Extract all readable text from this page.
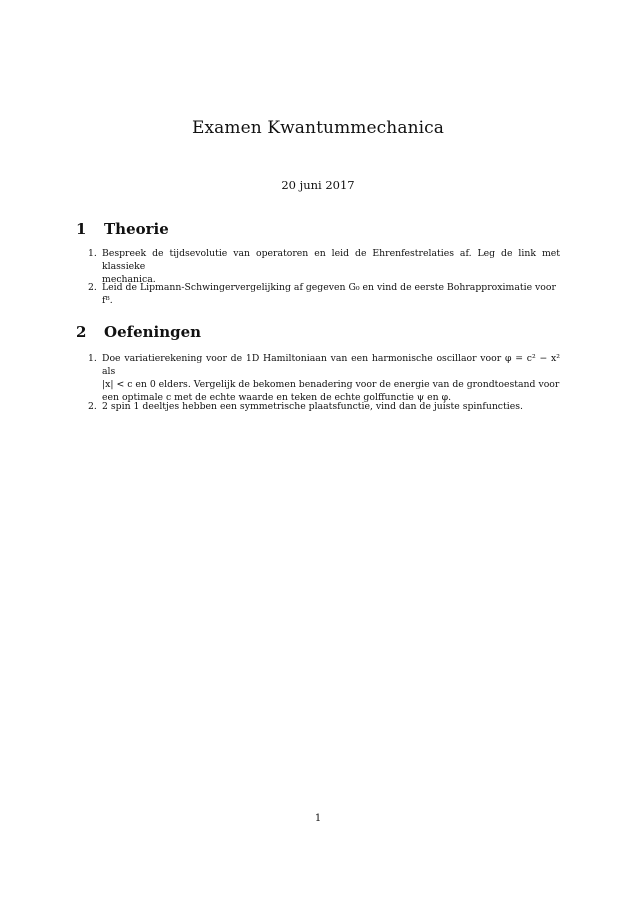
Examen Kwantummechanica

20 juni 2017

1 Theorie
1. Bespreek de tijdsevolutie van operatoren en leid de Ehrenfestrelaties af. Leg de link met klassieke
mechanica.
2. Leid de Lipmann-Schwingervergelijking af gegeven G₀ en vind de eerste Bohrapproximatie voor
fᴮ.
2 Oefeningen
1. Doe variatierekening voor de 1D Hamiltoniaan van een harmonische oscillaor voor φ = c² − x² als
|x| < c en 0 elders. Vergelijk de bekomen benadering voor de energie van de grondtoestand voor
een optimale c met de echte waarde en teken de echte golffunctie ψ en φ.
2. 2 spin 1 deeltjes hebben een symmetrische plaatsfunctie, vind dan de juiste spinfuncties.

1
